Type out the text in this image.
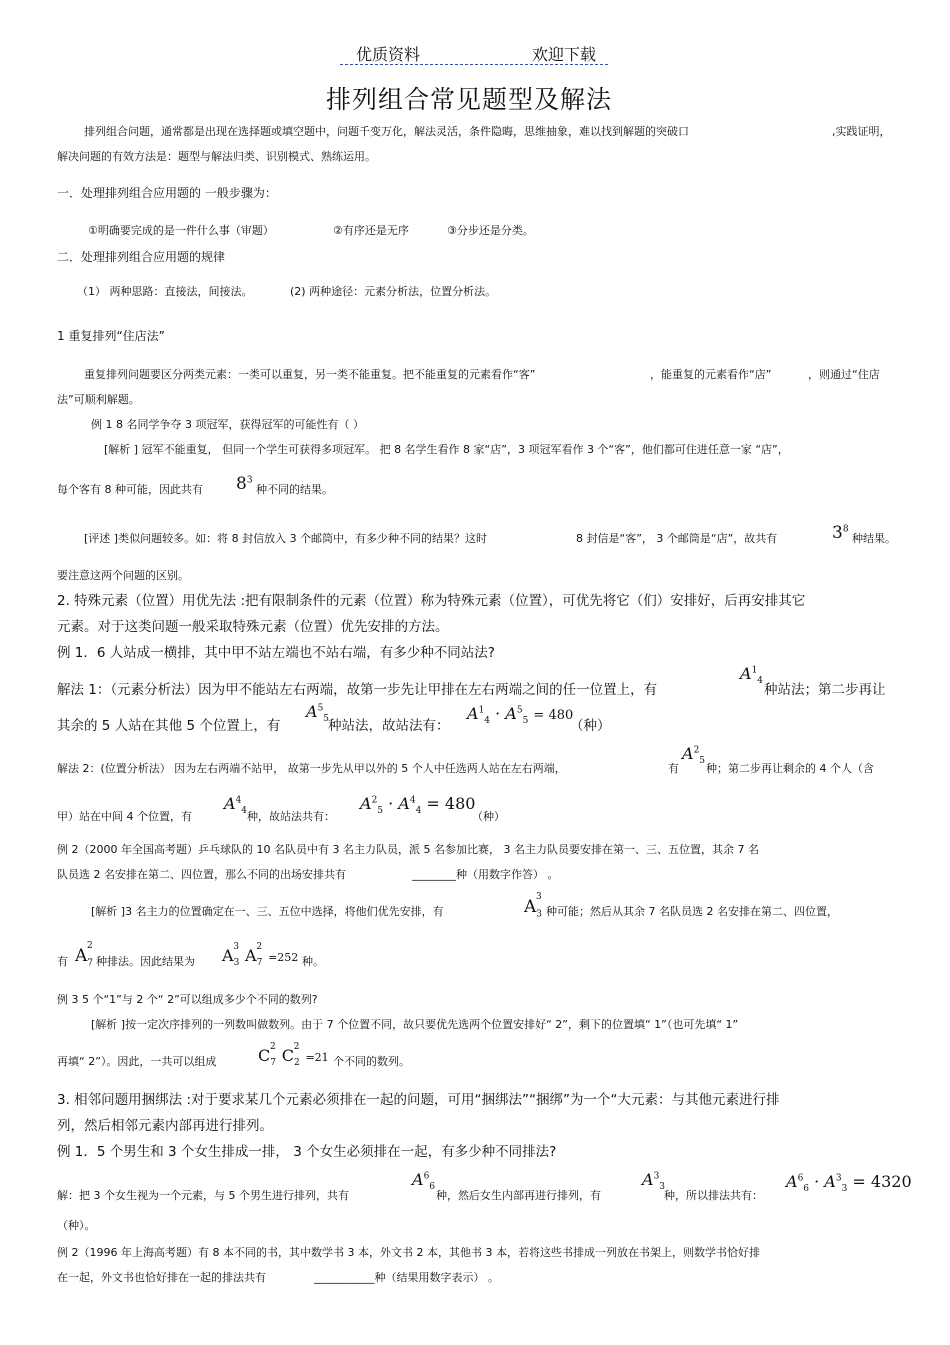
优质资料	欢迎下载
排列组合常见题型及解法
排列组合问题，通常都是出现在选择题或填空题中，问题千变万化，解法灵活，条件隐晦，思维抽象，难以找到解题的突破口	,实践证明，
解决问题的有效方法是：题型与解法归类、识别模式、熟练运用。
一．处理排列组合应用题的 一般步骤为：
①明确要完成的是一件什么事（审题）	②有序还是无序	③分步还是分类。
二．处理排列组合应用题的规律
（1） 两种思路：直接法，间接法。	(2) 两种途径：元素分析法，位置分析法。
1 重复排列“住店法”
重复排列问题要区分两类元素：一类可以重复，另一类不能重复。把不能重复的元素看作“客”	，能重复的元素看作“店”	，则通过“住店
法”可顺利解题。
例 1 8 名同学争夺 3 项冠军，获得冠军的可能性有（ ）
[解析 ] 冠军不能重复， 但同一个学生可获得多项冠军。 把 8 名学生看作 8 家“店”，3 项冠军看作 3 个“客”，他们都可住进任意一家 “店”，
每个客有 8 种可能，因此共有 $8^3$
种不同的结果。
[评述 ]类似问题较多。如：将 8 封信放入 3 个邮筒中，有多少种不同的结果？这时	8 封信是“客”， 3 个邮筒是“店”，故共有	$3^8$
种结果。
要注意这两个问题的区别。
2. 特殊元素（位置）用优先法 :把有限制条件的元素（位置）称为特殊元素（位置），可优先将它（们）安排好，后再安排其它
元素。对于这类问题一般采取特殊元素（位置）优先安排的方法。
例 1．6 人站成一横排，其中甲不站左端也不站右端，有多少种不同站法?
解法 1：（元素分析法）因为甲不能站左右两端，故第一步先让甲排在左右两端之间的任一位置上，有
$A^1_4$
种站法；第二步再让
其余的 5 人站在其他 5 个位置上，有
$A^5_5$
种站法，故站法有：
$A^1_4 \cdot A^5_5 = 480$
（种）
解法 2：(位置分析法） 因为左右两端不站甲， 故第一步先从甲以外的 5 个人中任选两人站在左右两端，	有
$A^2_5$
种；第二步再让剩余的 4 个人（含
甲）站在中间 4 个位置，有
$A^4_4$ 种，故站法共有：
$A^2_5 \cdot A^4_4 = 480$
（种）
例 2（2000 年全国高考题）乒乓球队的 10 名队员中有 3 名主力队员，派 5 名参加比赛， 3 名主力队员要安排在第一、三、五位置，其余 7 名
队员选 2 名安排在第二、四位置，那么不同的出场安排共有	________种（用数字作答） 。
[解析 ]3 名主力的位置确定在一、三、五位中选择，将他们优先安排，有	$A_3^3$
种可能；然后从其余 7 名队员选 2 名安排在第二、四位置，
有 $A_7^2$
种排法。因此结果为 $A_3^3$ $A_7^2=252$ 种。
例 3 5 个“1”与 2 个“ 2”可以组成多少个不同的数列?
[解析 ]按一定次序排列的一列数叫做数列。由于 7 个位置不同，故只要优先选两个位置安排好“ 2”，剩下的位置填“ 1”（也可先填“ 1”
再填“ 2”）。因此，一共可以组成	$C_7^2$ $C_2^2=21$ 个不同的数列。
3. 相邻问题用捆绑法 :对于要求某几个元素必须排在一起的问题，可用“捆绑法”“捆绑”为一个“大元素：与其他元素进行排
列，然后相邻元素内部再进行排列。
例 1．5 个男生和 3 个女生排成一排， 3 个女生必须排在一起，有多少种不同排法?
解：把 3 个女生视为一个元素，与 5 个男生进行排列，共有
$A^6_6$
种，然后女生内部再进行排列，有
$A^3_3$
种，所以排法共有：
$A^6_6 \cdot A^3_3 = 4320$
（种）。
例 2（1996 年上海高考题）有 8 本不同的书，其中数学书 3 本，外文书 2 本，其他书 3 本，若将这些书排成一列放在书架上，则数学书恰好排
在一起，外文书也恰好排在一起的排法共有	___________种（结果用数字表示） 。
